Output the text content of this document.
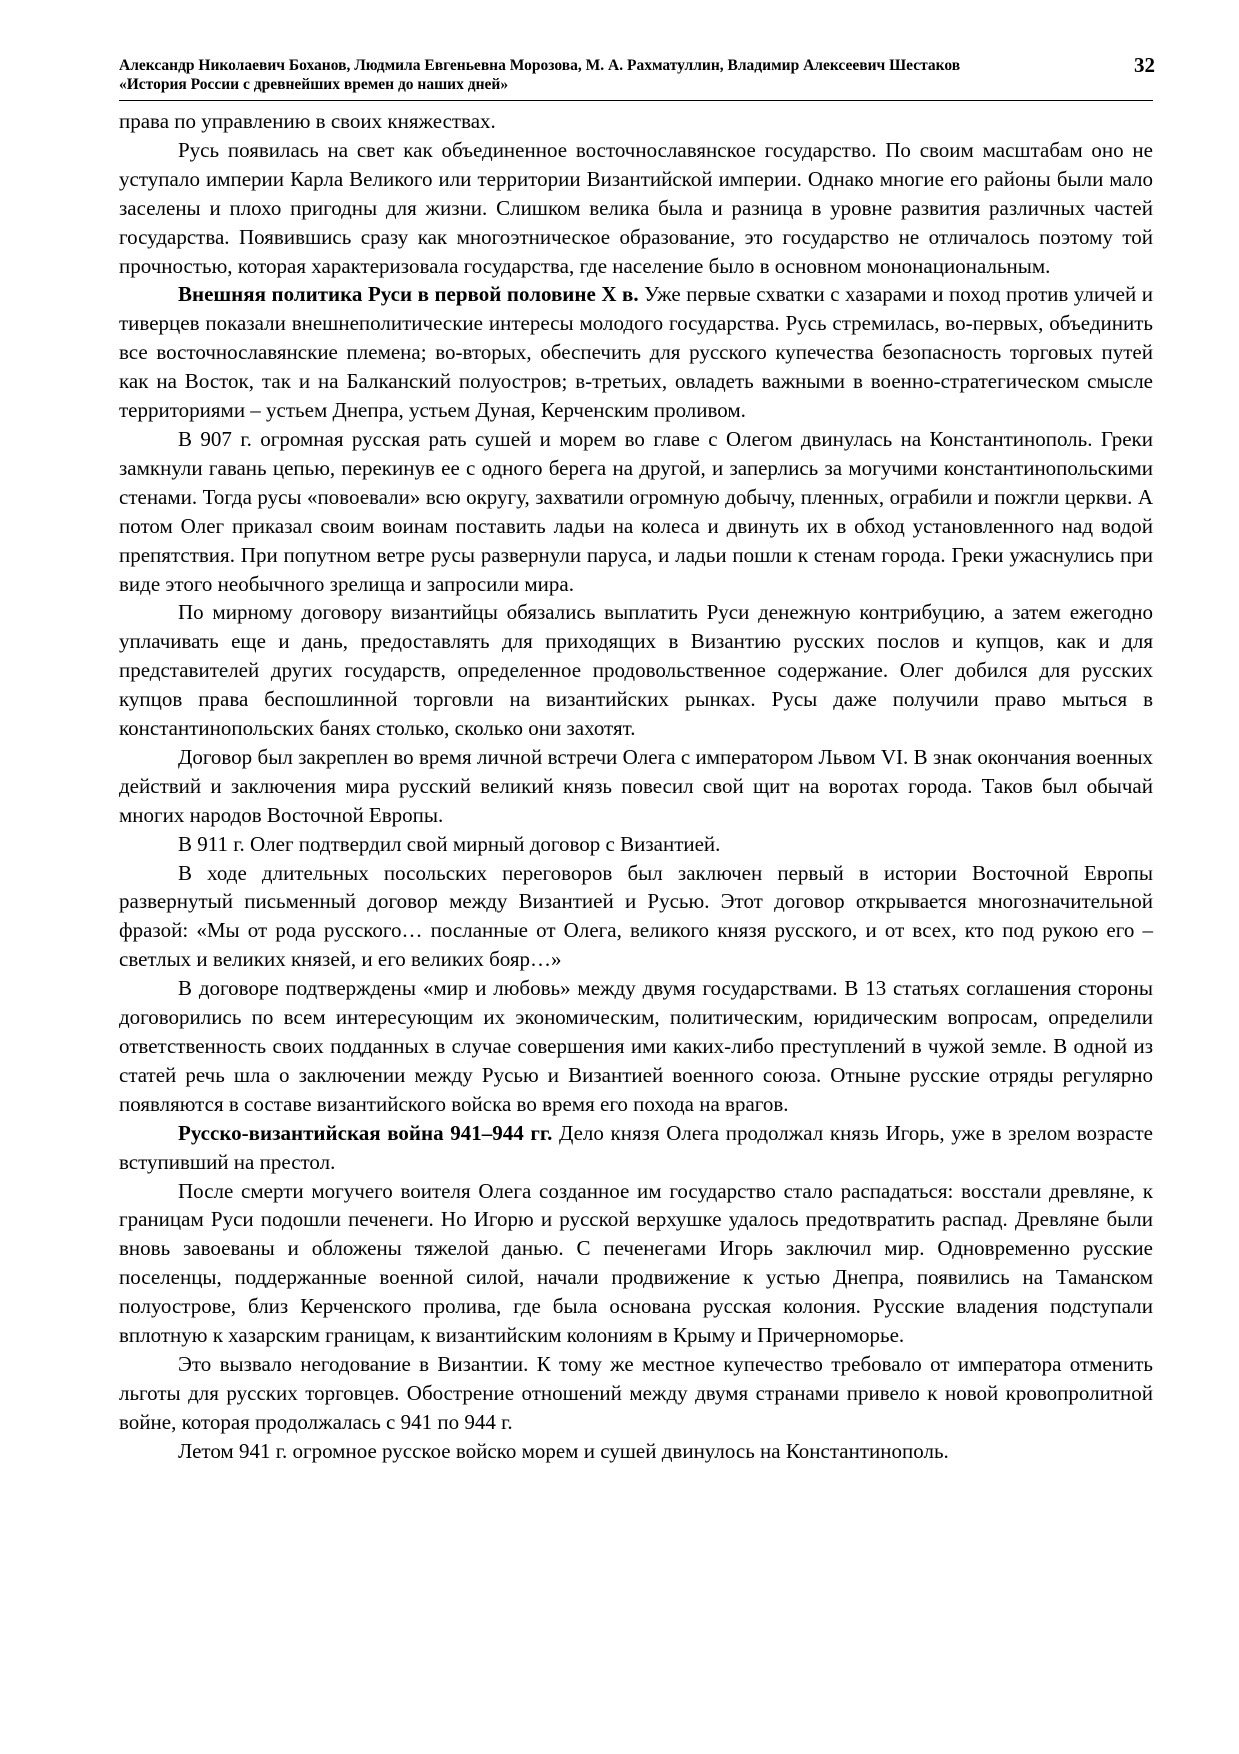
Александр Николаевич Боханов, Людмила Евгеньевна Морозова, М. А. Рахматуллин, Владимир Алексеевич Шестаков
«История России с древнейших времен до наших дней»
32

права по управлению в своих княжествах.

Русь появилась на свет как объединенное восточнославянское государство. По своим масштабам оно не уступало империи Карла Великого или территории Византийской империи. Однако многие его районы были мало заселены и плохо пригодны для жизни. Слишком велика была и разница в уровне развития различных частей государства. Появившись сразу как многоэтническое образование, это государство не отличалось поэтому той прочностью, которая характеризовала государства, где население было в основном мононациональным.

Внешняя политика Руси в первой половине X в. Уже первые схватки с хазарами и поход против уличей и тиверцев показали внешнеполитические интересы молодого государства. Русь стремилась, во-первых, объединить все восточнославянские племена; во-вторых, обеспечить для русского купечества безопасность торговых путей как на Восток, так и на Балканский полуостров; в-третьих, овладеть важными в военно-стратегическом смысле территориями – устьем Днепра, устьем Дуная, Керченским проливом.

В 907 г. огромная русская рать сушей и морем во главе с Олегом двинулась на Константинополь. Греки замкнули гавань цепью, перекинув ее с одного берега на другой, и заперлись за могучими константинопольскими стенами. Тогда русы «повоевали» всю округу, захватили огромную добычу, пленных, ограбили и пожгли церкви. А потом Олег приказал своим воинам поставить ладьи на колеса и двинуть их в обход установленного над водой препятствия. При попутном ветре русы развернули паруса, и ладьи пошли к стенам города. Греки ужаснулись при виде этого необычного зрелища и запросили мира.

По мирному договору византийцы обязались выплатить Руси денежную контрибуцию, а затем ежегодно уплачивать еще и дань, предоставлять для приходящих в Византию русских послов и купцов, как и для представителей других государств, определенное продовольственное содержание. Олег добился для русских купцов права беспошлинной торговли на византийских рынках. Русы даже получили право мыться в константинопольских банях столько, сколько они захотят.

Договор был закреплен во время личной встречи Олега с императором Львом VI. В знак окончания военных действий и заключения мира русский великий князь повесил свой щит на воротах города. Таков был обычай многих народов Восточной Европы.

В 911 г. Олег подтвердил свой мирный договор с Византией.

В ходе длительных посольских переговоров был заключен первый в истории Восточной Европы развернутый письменный договор между Византией и Русью. Этот договор открывается многозначительной фразой: «Мы от рода русского… посланные от Олега, великого князя русского, и от всех, кто под рукою его – светлых и великих князей, и его великих бояр…»

В договоре подтверждены «мир и любовь» между двумя государствами. В 13 статьях соглашения стороны договорились по всем интересующим их экономическим, политическим, юридическим вопросам, определили ответственность своих подданных в случае совершения ими каких-либо преступлений в чужой земле. В одной из статей речь шла о заключении между Русью и Византией военного союза. Отныне русские отряды регулярно появляются в составе византийского войска во время его похода на врагов.

Русско-византийская война 941–944 гг. Дело князя Олега продолжал князь Игорь, уже в зрелом возрасте вступивший на престол.

После смерти могучего воителя Олега созданное им государство стало распадаться: восстали древляне, к границам Руси подошли печенеги. Но Игорю и русской верхушке удалось предотвратить распад. Древляне были вновь завоеваны и обложены тяжелой данью. С печенегами Игорь заключил мир. Одновременно русские поселенцы, поддержанные военной силой, начали продвижение к устью Днепра, появились на Таманском полуострове, близ Керченского пролива, где была основана русская колония. Русские владения подступали вплотную к хазарским границам, к византийским колониям в Крыму и Причерноморье.

Это вызвало негодование в Византии. К тому же местное купечество требовало от императора отменить льготы для русских торговцев. Обострение отношений между двумя странами привело к новой кровопролитной войне, которая продолжалась с 941 по 944 г.

Летом 941 г. огромное русское войско морем и сушей двинулось на Константинополь.
